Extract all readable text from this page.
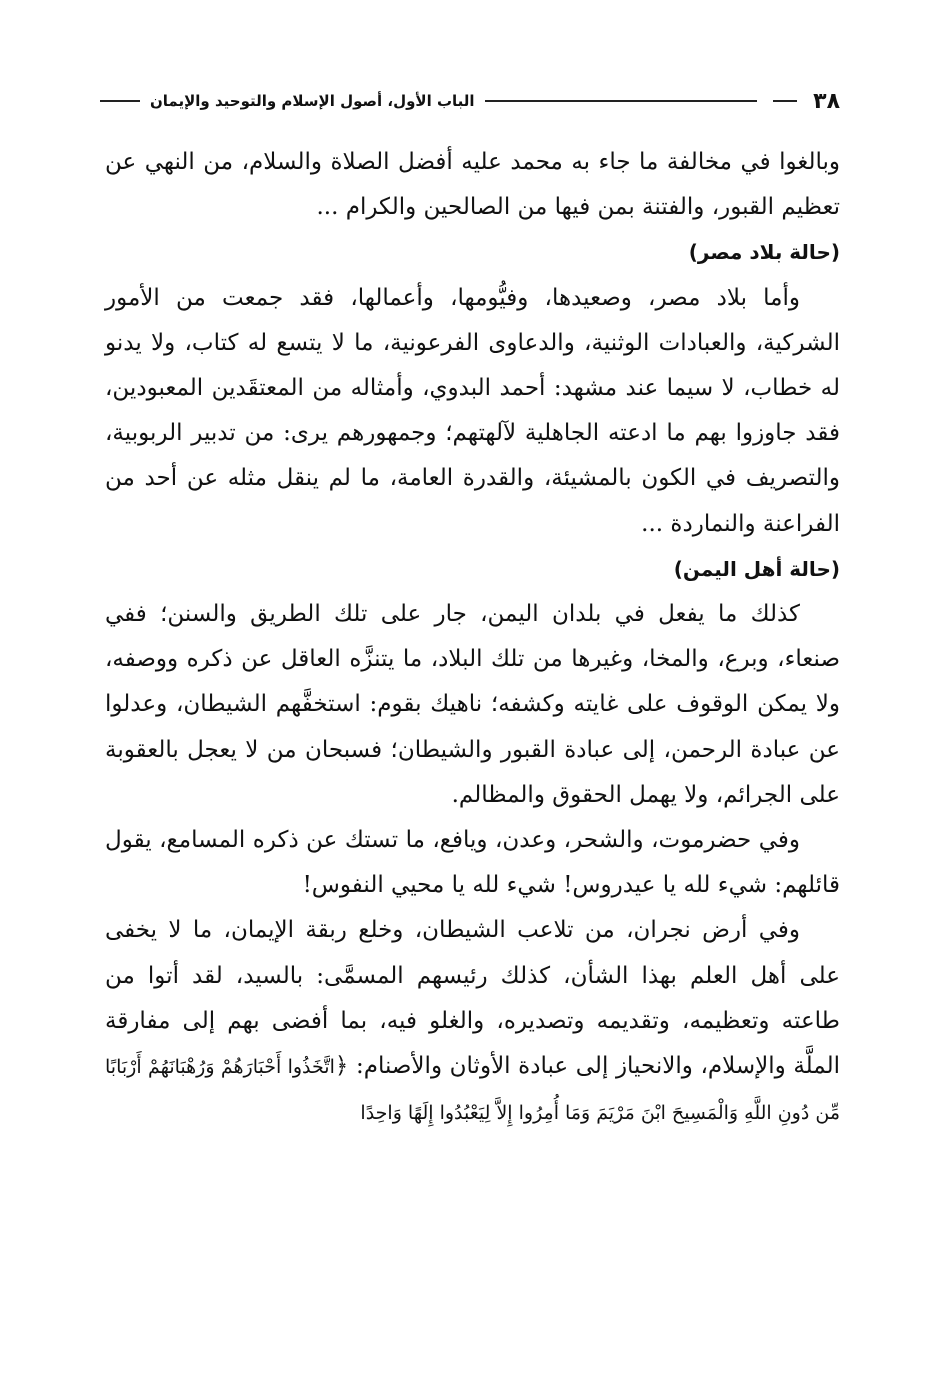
٣٨
الباب الأول، أصول الإسلام والتوحيد والإيمان

وبالغوا في مخالفة ما جاء به محمد عليه أفضل الصلاة والسلام، من النهي عن تعظيم القبور، والفتنة بمن فيها من الصالحين والكرام ...

(حالة بلاد مصر)

وأما بلاد مصر، وصعيدها، وفيُّومها، وأعمالها، فقد جمعت من الأمور الشركية، والعبادات الوثنية، والدعاوى الفرعونية، ما لا يتسع له كتاب، ولا يدنو له خطاب، لا سيما عند مشهد: أحمد البدوي، وأمثاله من المعتقَدين المعبودين، فقد جاوزوا بهم ما ادعته الجاهلية لآلهتهم؛ وجمهورهم يرى: من تدبير الربوبية، والتصريف في الكون بالمشيئة، والقدرة العامة، ما لم ينقل مثله عن أحد من الفراعنة والنماردة ...

(حالة أهل اليمن)

كذلك ما يفعل في بلدان اليمن، جار على تلك الطريق والسنن؛ ففي صنعاء، وبرع، والمخا، وغيرها من تلك البلاد، ما يتنزَّه العاقل عن ذكره ووصفه، ولا يمكن الوقوف على غايته وكشفه؛ ناهيك بقوم: استخفَّهم الشيطان، وعدلوا عن عبادة الرحمن، إلى عبادة القبور والشيطان؛ فسبحان من لا يعجل بالعقوبة على الجرائم، ولا يهمل الحقوق والمظالم.

وفي حضرموت، والشحر، وعدن، ويافع، ما تستك عن ذكره المسامع، يقول قائلهم: شيء لله يا عيدروس! شيء لله يا محيي النفوس!

وفي أرض نجران، من تلاعب الشيطان، وخلع ربقة الإيمان، ما لا يخفى على أهل العلم بهذا الشأن، كذلك رئيسهم المسمَّى: بالسيد، لقد أتوا من طاعته وتعظيمه، وتقديمه وتصديره، والغلو فيه، بما أفضى بهم إلى مفارقة الملَّة والإسلام، والانحياز إلى عبادة الأوثان والأصنام: ﴿اتَّخَذُوا أَحْبَارَهُمْ وَرُهْبَانَهُمْ أَرْبَابًا مِّن دُونِ اللَّهِ وَالْمَسِيحَ ابْنَ مَرْيَمَ وَمَا أُمِرُوا إِلاَّ لِيَعْبُدُوا إِلَهًا وَاحِدًا
